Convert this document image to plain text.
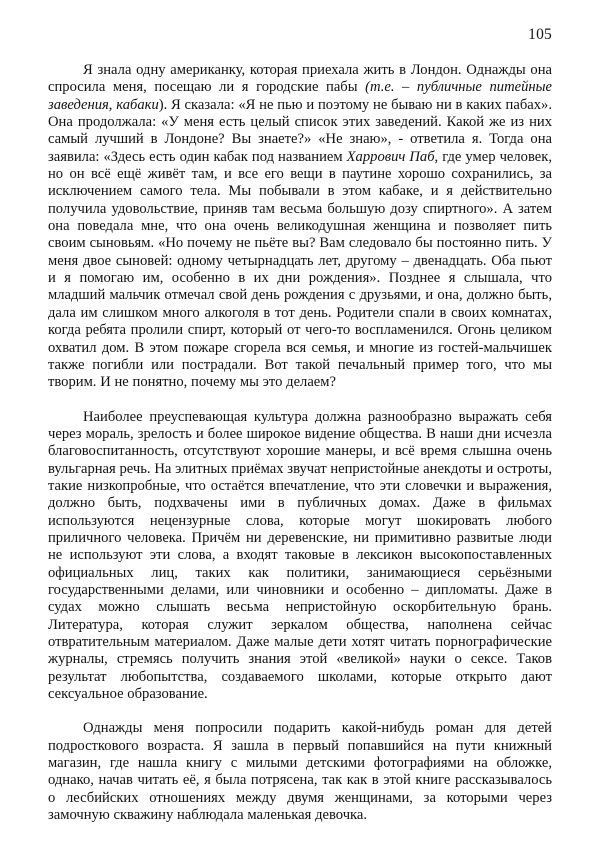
105

Я знала одну американку, которая приехала жить в Лондон. Однажды она спросила меня, посещаю ли я городские пабы (т.е. – публичные питейные заведения, кабаки). Я сказала: «Я не пью и поэтому не бываю ни в каких пабах». Она продолжала: «У меня есть целый список этих заведений. Какой же из них самый лучший в Лондоне? Вы знаете?» «Не знаю», - ответила я. Тогда она заявила: «Здесь есть один кабак под названием Харрович Паб, где умер человек, но он всё ещё живёт там, и все его вещи в паутине хорошо сохранились, за исключением самого тела. Мы побывали в этом кабаке, и я действительно получила удовольствие, приняв там весьма большую дозу спиртного». А затем она поведала мне, что она очень великодушная женщина и позволяет пить своим сыновьям. «Но почему не пьёте вы? Вам следовало бы постоянно пить. У меня двое сыновей: одному четырнадцать лет, другому – двенадцать. Оба пьют и я помогаю им, особенно в их дни рождения». Позднее я слышала, что младший мальчик отмечал свой день рождения с друзьями, и она, должно быть, дала им слишком много алкоголя в тот день. Родители спали в своих комнатах, когда ребята пролили спирт, который от чего-то воспламенился. Огонь целиком охватил дом. В этом пожаре сгорела вся семья, и многие из гостей-мальчишек также погибли или пострадали. Вот такой печальный пример того, что мы творим. И не понятно, почему мы это делаем?

Наиболее преуспевающая культура должна разнообразно выражать себя через мораль, зрелость и более широкое видение общества. В наши дни исчезла благовоспитанность, отсутствуют хорошие манеры, и всё время слышна очень вульгарная речь. На элитных приёмах звучат непристойные анекдоты и остроты, такие низкопробные, что остаётся впечатление, что эти словечки и выражения, должно быть, подхвачены ими в публичных домах. Даже в фильмах используются нецензурные слова, которые могут шокировать любого приличного человека. Причём ни деревенские, ни примитивно развитые люди не используют эти слова, а входят таковые в лексикон высокопоставленных официальных лиц, таких как политики, занимающиеся серьёзными государственными делами, или чиновники и особенно – дипломаты. Даже в судах можно слышать весьма непристойную оскорбительную брань. Литература, которая служит зеркалом общества, наполнена сейчас отвратительным материалом. Даже малые дети хотят читать порнографические журналы, стремясь получить знания этой «великой» науки о сексе. Таков результат любопытства, создаваемого школами, которые открыто дают сексуальное образование.

Однажды меня попросили подарить какой-нибудь роман для детей подросткового возраста. Я зашла в первый попавшийся на пути книжный магазин, где нашла книгу с милыми детскими фотографиями на обложке, однако, начав читать её, я была потрясена, так как в этой книге рассказывалось о лесбийских отношениях между двумя женщинами, за которыми через замочную скважину наблюдала маленькая девочка.
